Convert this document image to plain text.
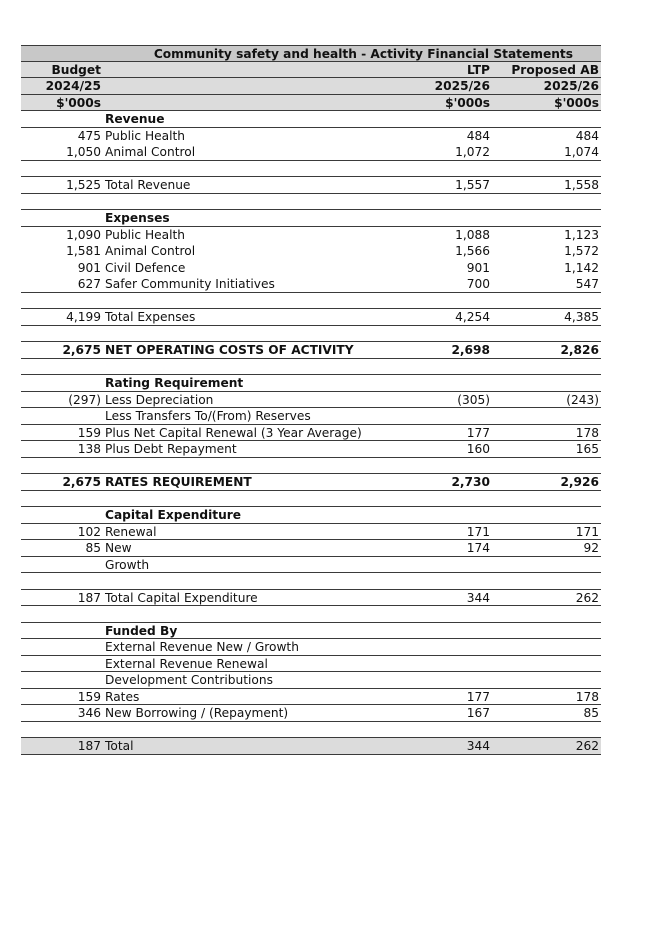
Community safety and health - Activity Financial Statements
Budget	LTP	Proposed AB
2024/25	2025/26	2025/26
$'000s	$'000s	$'000s
Revenue
475 Public Health	484	484
1,050 Animal Control	1,072	1,074
1,525 Total Revenue	1,557	1,558
Expenses
1,090 Public Health	1,088	1,123
1,581 Animal Control	1,566	1,572
901 Civil Defence	901	1,142
627 Safer Community Initiatives	700	547
4,199 Total Expenses	4,254	4,385
2,675 NET OPERATING COSTS OF ACTIVITY	2,698	2,826
Rating Requirement
(297) Less Depreciation	(305)	(243)
Less Transfers To/(From) Reserves
159 Plus Net Capital Renewal (3 Year Average)	177	178
138 Plus Debt Repayment	160	165
2,675 RATES REQUIREMENT	2,730	2,926
Capital Expenditure
102 Renewal	171	171
85 New	174	92
Growth
187 Total Capital Expenditure	344	262
Funded By
External Revenue New / Growth
External Revenue Renewal
Development Contributions
159 Rates	177	178
346 New Borrowing / (Repayment)	167	85
187 Total	344	262
